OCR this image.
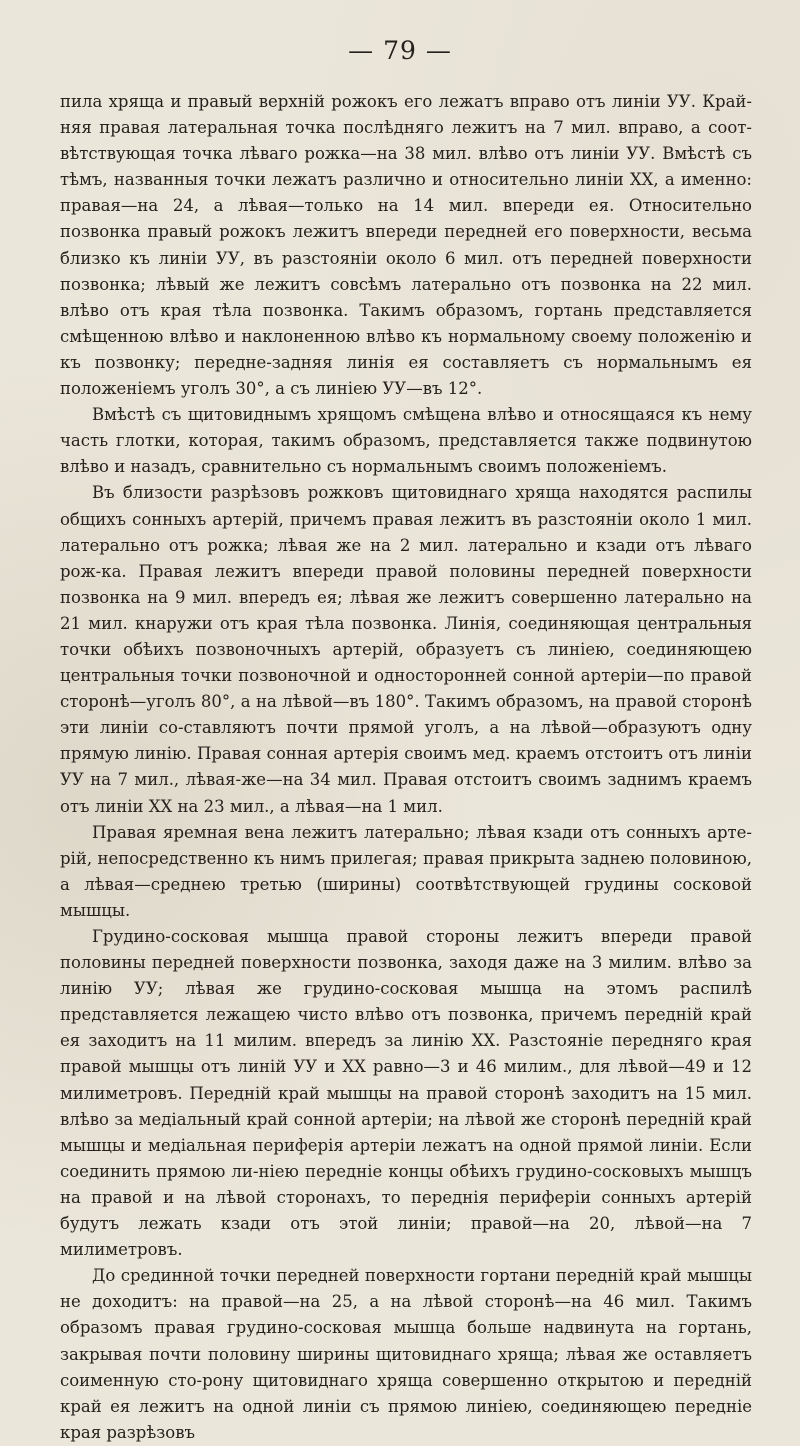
— 79 —

пила хряща и правый верхній рожокъ его лежатъ вправо отъ линіи УУ. Край-няя правая латеральная точка послѣдняго лежитъ на 7 мил. вправо, а соот-вѣтствующая точка лѣваго рожка—на 38 мил. влѣво отъ линіи УУ. Вмѣстѣ съ тѣмъ, названныя точки лежатъ различно и относительно линіи ХХ, а именно: правая—на 24, а лѣвая—только на 14 мил. впереди ея. Относительно позвонка правый рожокъ лежитъ впереди передней его поверхности, весьма близко къ линіи УУ, въ разстояніи около 6 мил. отъ передней поверхности позвонка; лѣвый же лежитъ совсѣмъ латерально отъ позвонка на 22 мил. влѣво отъ края тѣла позвонка. Такимъ образомъ, гортань представляется смѣщенною влѣво и наклоненною влѣво къ нормальному своему положенію и къ позвонку; передне-задняя линія ея составляетъ съ нормальнымъ ея положеніемъ уголъ 30°, а съ линіею УУ—въ 12°.

Вмѣстѣ съ щитовиднымъ хрящомъ смѣщена влѣво и относящаяся къ нему часть глотки, которая, такимъ образомъ, представляется также подвинутою влѣво и назадъ, сравнительно съ нормальнымъ своимъ положеніемъ.

Въ близости разрѣзовъ рожковъ щитовиднаго хряща находятся распилы общихъ сонныхъ артерій, причемъ правая лежитъ въ разстояніи около 1 мил. латерально отъ рожка; лѣвая же на 2 мил. латерально и кзади отъ лѣваго рож-ка. Правая лежитъ впереди правой половины передней поверхности позвонка на 9 мил. впередъ ея; лѣвая же лежитъ совершенно латерально на 21 мил. кнаружи отъ края тѣла позвонка. Линія, соединяющая центральныя точки обѣихъ позвоночныхъ артерій, образуетъ съ линіею, соединяющею центральныя точки позвоночной и односторонней сонной артеріи—по правой сторонѣ—уголъ 80°, а на лѣвой—въ 180°. Такимъ образомъ, на правой сторонѣ эти линіи со-ставляютъ почти прямой уголъ, а на лѣвой—образуютъ одну прямую линію. Правая сонная артерія своимъ мед. краемъ отстоитъ отъ линіи УУ на 7 мил., лѣвая-же—на 34 мил. Правая отстоитъ своимъ заднимъ краемъ отъ линіи ХХ на 23 мил., а лѣвая—на 1 мил.

Правая яремная вена лежитъ латерально; лѣвая кзади отъ сонныхъ арте-рій, непосредственно къ нимъ прилегая; правая прикрыта заднею половиною, а лѣвая—среднею третью (ширины) соотвѣтствующей грудины сосковой мышцы.

Грудино-сосковая мышца правой стороны лежитъ впереди правой половины передней поверхности позвонка, заходя даже на 3 милим. влѣво за линію УУ; лѣвая же грудино-сосковая мышца на этомъ распилѣ представляется лежащею чисто влѣво отъ позвонка, причемъ передній край ея заходитъ на 11 милим. впередъ за линію ХХ. Разстояніе передняго края правой мышцы отъ линій УУ и ХХ равно—3 и 46 милим., для лѣвой—49 и 12 милиметровъ. Передній край мышцы на правой сторонѣ заходитъ на 15 мил. влѣво за медіальный край сонной артеріи; на лѣвой же сторонѣ передній край мышцы и медіальная периферія артеріи лежатъ на одной прямой линіи. Если соединить прямою ли-ніею передніе концы обѣихъ грудино-сосковыхъ мышцъ на правой и на лѣвой сторонахъ, то переднія периферіи сонныхъ артерій будутъ лежать кзади отъ этой линіи; правой—на 20, лѣвой—на 7 милиметровъ.

До срединной точки передней поверхности гортани передній край мышцы не доходитъ: на правой—на 25, а на лѣвой сторонѣ—на 46 мил. Такимъ образомъ правая грудино-сосковая мышца больше надвинута на гортань, закрывая почти половину ширины щитовиднаго хряща; лѣвая же оставляетъ соименную сто-рону щитовиднаго хряща совершенно открытою и передній край ея лежитъ на одной линіи съ прямою линіею, соединяющею передніе края разрѣзовъ
